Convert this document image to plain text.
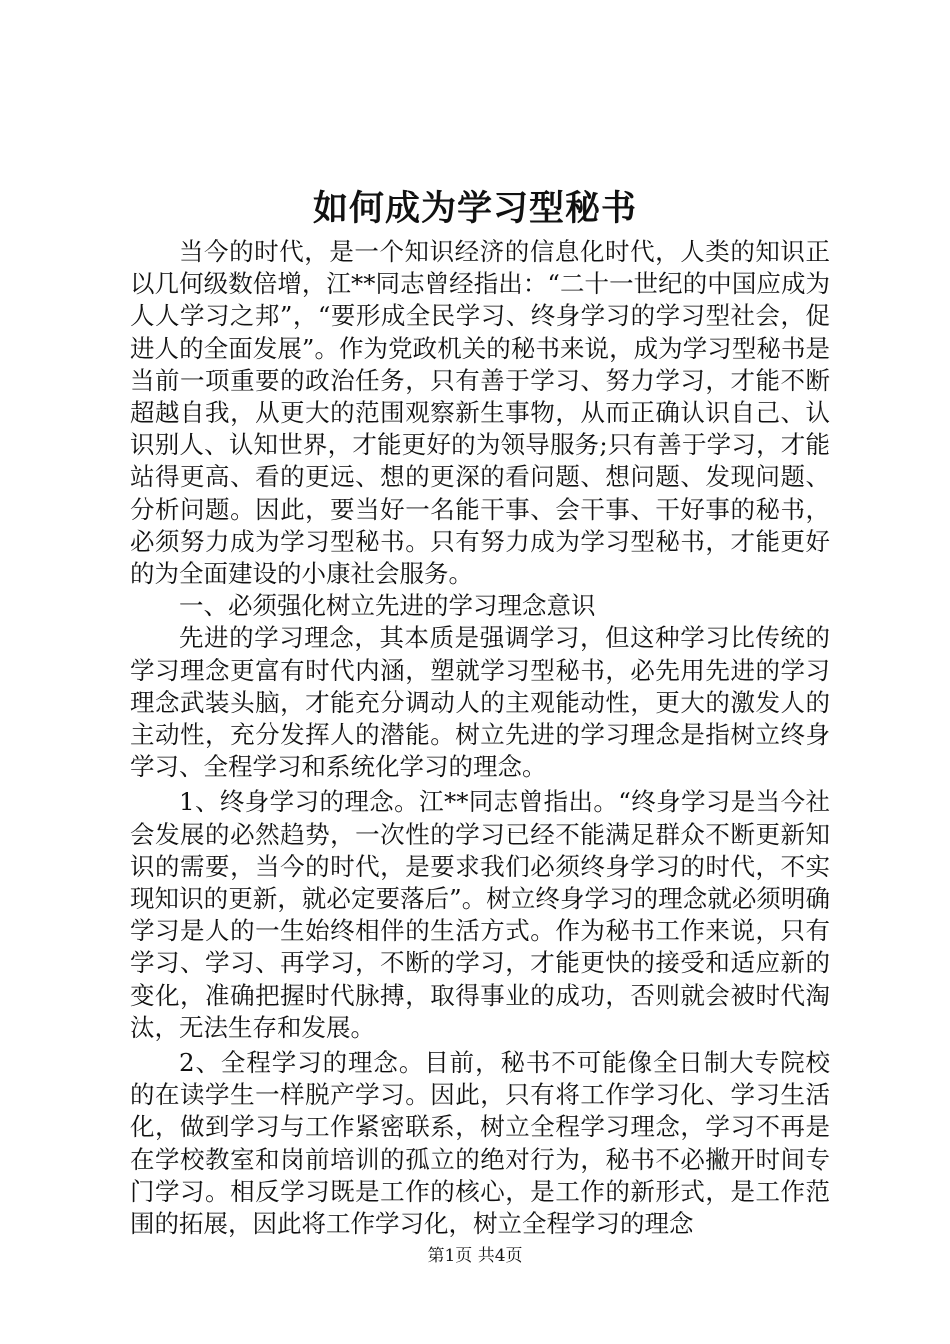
如何成为学习型秘书

当今的时代，是一个知识经济的信息化时代，人类的知识正以几何级数倍增，江**同志曾经指出：“二十一世纪的中国应成为人人学习之邦”，“要形成全民学习、终身学习的学习型社会，促进人的全面发展”。作为党政机关的秘书来说，成为学习型秘书是当前一项重要的政治任务，只有善于学习、努力学习，才能不断超越自我，从更大的范围观察新生事物，从而正确认识自己、认识别人、认知世界，才能更好的为领导服务;只有善于学习，才能站得更高、看的更远、想的更深的看问题、想问题、发现问题、分析问题。因此，要当好一名能干事、会干事、干好事的秘书，必须努力成为学习型秘书。只有努力成为学习型秘书，才能更好的为全面建设的小康社会服务。

一、必须强化树立先进的学习理念意识

先进的学习理念，其本质是强调学习，但这种学习比传统的学习理念更富有时代内涵，塑就学习型秘书，必先用先进的学习理念武装头脑，才能充分调动人的主观能动性，更大的激发人的主动性，充分发挥人的潜能。树立先进的学习理念是指树立终身学习、全程学习和系统化学习的理念。

1、终身学习的理念。江**同志曾指出。“终身学习是当今社会发展的必然趋势，一次性的学习已经不能满足群众不断更新知识的需要，当今的时代，是要求我们必须终身学习的时代，不实现知识的更新，就必定要落后”。树立终身学习的理念就必须明确学习是人的一生始终相伴的生活方式。作为秘书工作来说，只有学习、学习、再学习，不断的学习，才能更快的接受和适应新的变化，准确把握时代脉搏，取得事业的成功，否则就会被时代淘汰，无法生存和发展。

2、全程学习的理念。目前，秘书不可能像全日制大专院校的在读学生一样脱产学习。因此，只有将工作学习化、学习生活化，做到学习与工作紧密联系，树立全程学习理念，学习不再是在学校教室和岗前培训的孤立的绝对行为，秘书不必撇开时间专门学习。相反学习既是工作的核心，是工作的新形式，是工作范围的拓展，因此将工作学习化，树立全程学习的理念

第1页 共4页
